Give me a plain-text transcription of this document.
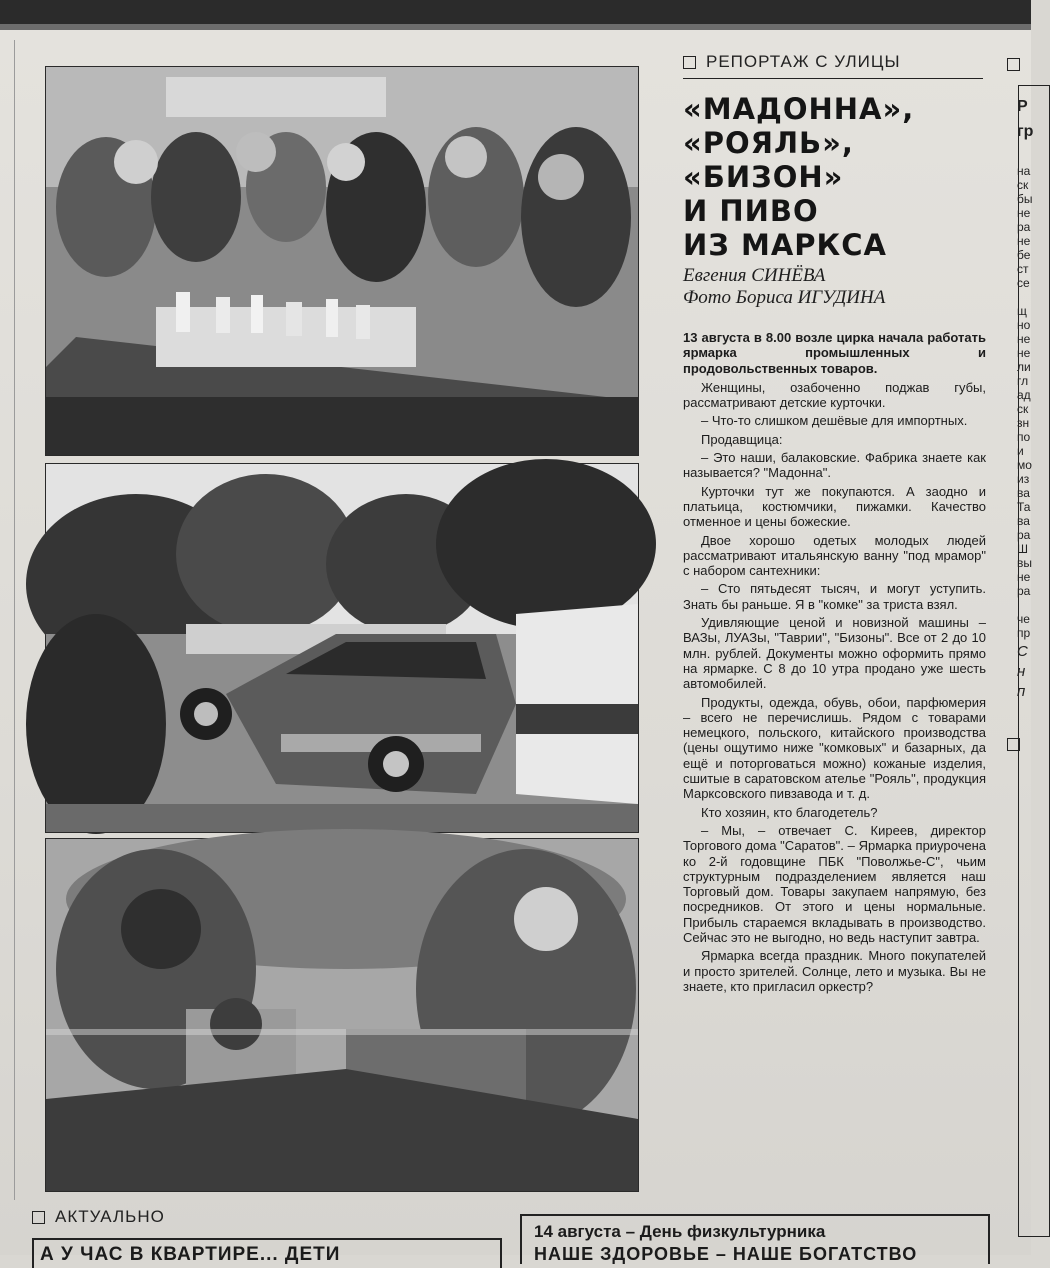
РЕПОРТАЖ С УЛИЦЫ
«МАДОННА»,
«РОЯЛЬ»,
«БИЗОН»
И ПИВО
ИЗ МАРКСА
Евгения СИНЁВА
Фото Бориса ИГУДИНА

13 августа в 8.00 возле цирка начала работать ярмарка промышленных и продовольственных товаров.

Женщины, озабоченно поджав губы, рассматривают детские курточки.

– Что-то слишком дешёвые для импортных.

Продавщица:

– Это наши, балаковские. Фабрика знаете как называется? "Мадонна".

Курточки тут же покупаются. А заодно и платьица, костюмчики, пижамки. Качество отменное и цены божеские.

Двое хорошо одетых молодых людей рассматривают итальянскую ванну "под мрамор" с набором сантехники:

– Сто пятьдесят тысяч, и могут уступить. Знать бы раньше. Я в "комке" за триста взял.

Удивляющие ценой и новизной машины – ВАЗы, ЛУАЗы, "Таврии", "Бизоны". Все от 2 до 10 млн. рублей. Документы можно оформить прямо на ярмарке. С 8 до 10 утра продано уже шесть автомобилей.

Продукты, одежда, обувь, обои, парфюмерия – всего не перечислишь. Рядом с товарами немецкого, польского, китайского производства (цены ощутимо ниже "комковых" и базарных, да ещё и поторговаться можно) кожаные изделия, сшитые в саратовском ателье "Рояль", продукция Марксовского пивзавода и т. д.

Кто хозяин, кто благодетель?

– Мы, – отвечает С. Киреев, директор Торгового дома "Саратов". – Ярмарка приурочена ко 2-й годовщине ПБК "Поволжье-С", чьим структурным подразделением является наш Торговый дом. Товары закупаем напрямую, без посредников. От этого и цены нормальные. Прибыль стараемся вкладывать в производство. Сейчас это не выгодно, но ведь наступит завтра.

Ярмарка всегда праздник. Много покупателей и просто зрителей. Солнце, лето и музыка. Вы не знаете, кто пригласил оркестр?

АКТУАЛЬНО
А У ЧАС В КВАРТИРЕ... ДЕТИ
14 августа – День физкультурника
НАШЕ ЗДОРОВЬЕ – НАШЕ БОГАТСТВО
Р
гр
на
ск
бы
не
ра
не
бе
ст
се
щ
но
не
не
ли
гл
ад
ск
зн
по
и
мо
из
ва
Та
ва
ра
Ш
вы
не
ра
че
пр
С
н
п
